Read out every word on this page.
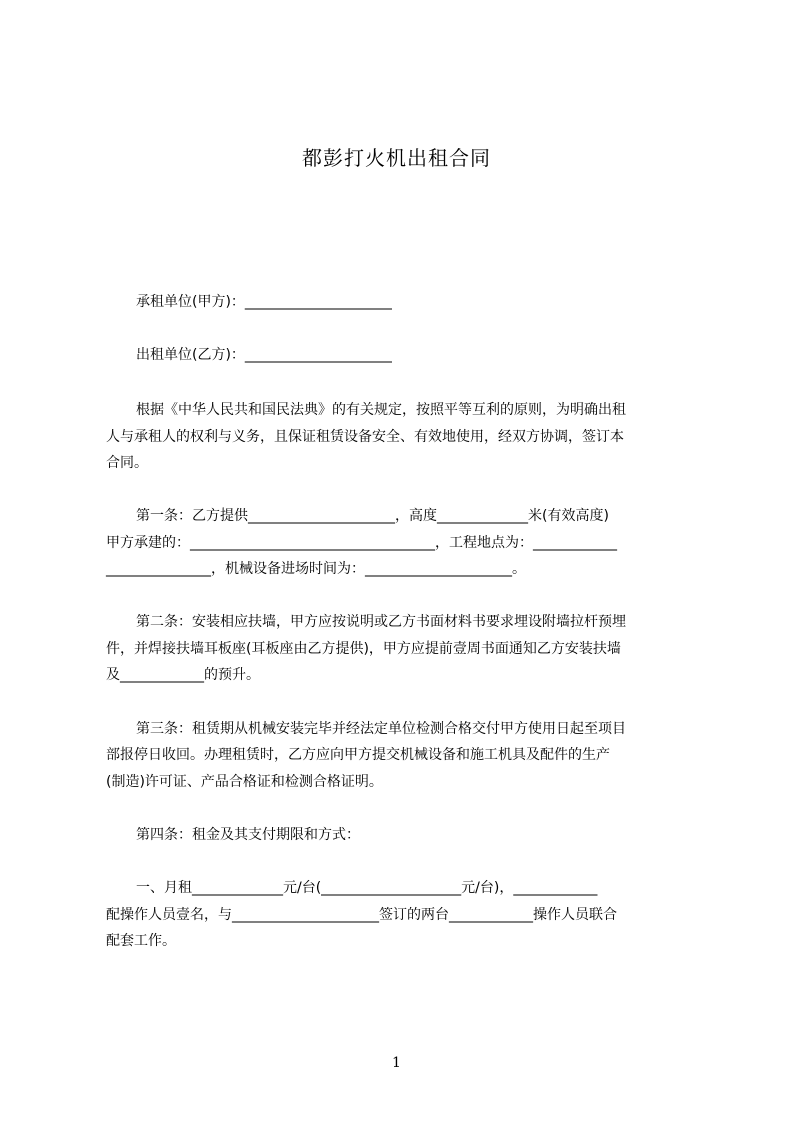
都彭打火机出租合同
承租单位(甲方)：_____________________
出租单位(乙方)：_____________________
根据《中华人民共和国民法典》的有关规定，按照平等互利的原则，为明确出租
人与承租人的权利与义务，且保证租赁设备安全、有效地使用，经双方协调，签订本
合同。
第一条：乙方提供_____________________，高度_____________米(有效高度)
甲方承建的：___________________________________，工程地点为：____________
_______________，机械设备进场时间为：_____________________。
第二条：安装相应扶墙，甲方应按说明或乙方书面材料书要求埋设附墙拉杆预埋
件，并焊接扶墙耳板座(耳板座由乙方提供)，甲方应提前壹周书面通知乙方安装扶墙
及____________的预升。
第三条：租赁期从机械安装完毕并经法定单位检测合格交付甲方使用日起至项目
部报停日收回。办理租赁时，乙方应向甲方提交机械设备和施工机具及配件的生产
(制造)许可证、产品合格证和检测合格证明。
第四条：租金及其支付期限和方式：
一、月租_____________元/台(____________________元/台)，____________
配操作人员壹名，与_____________________签订的两台____________操作人员联合
配套工作。
1
